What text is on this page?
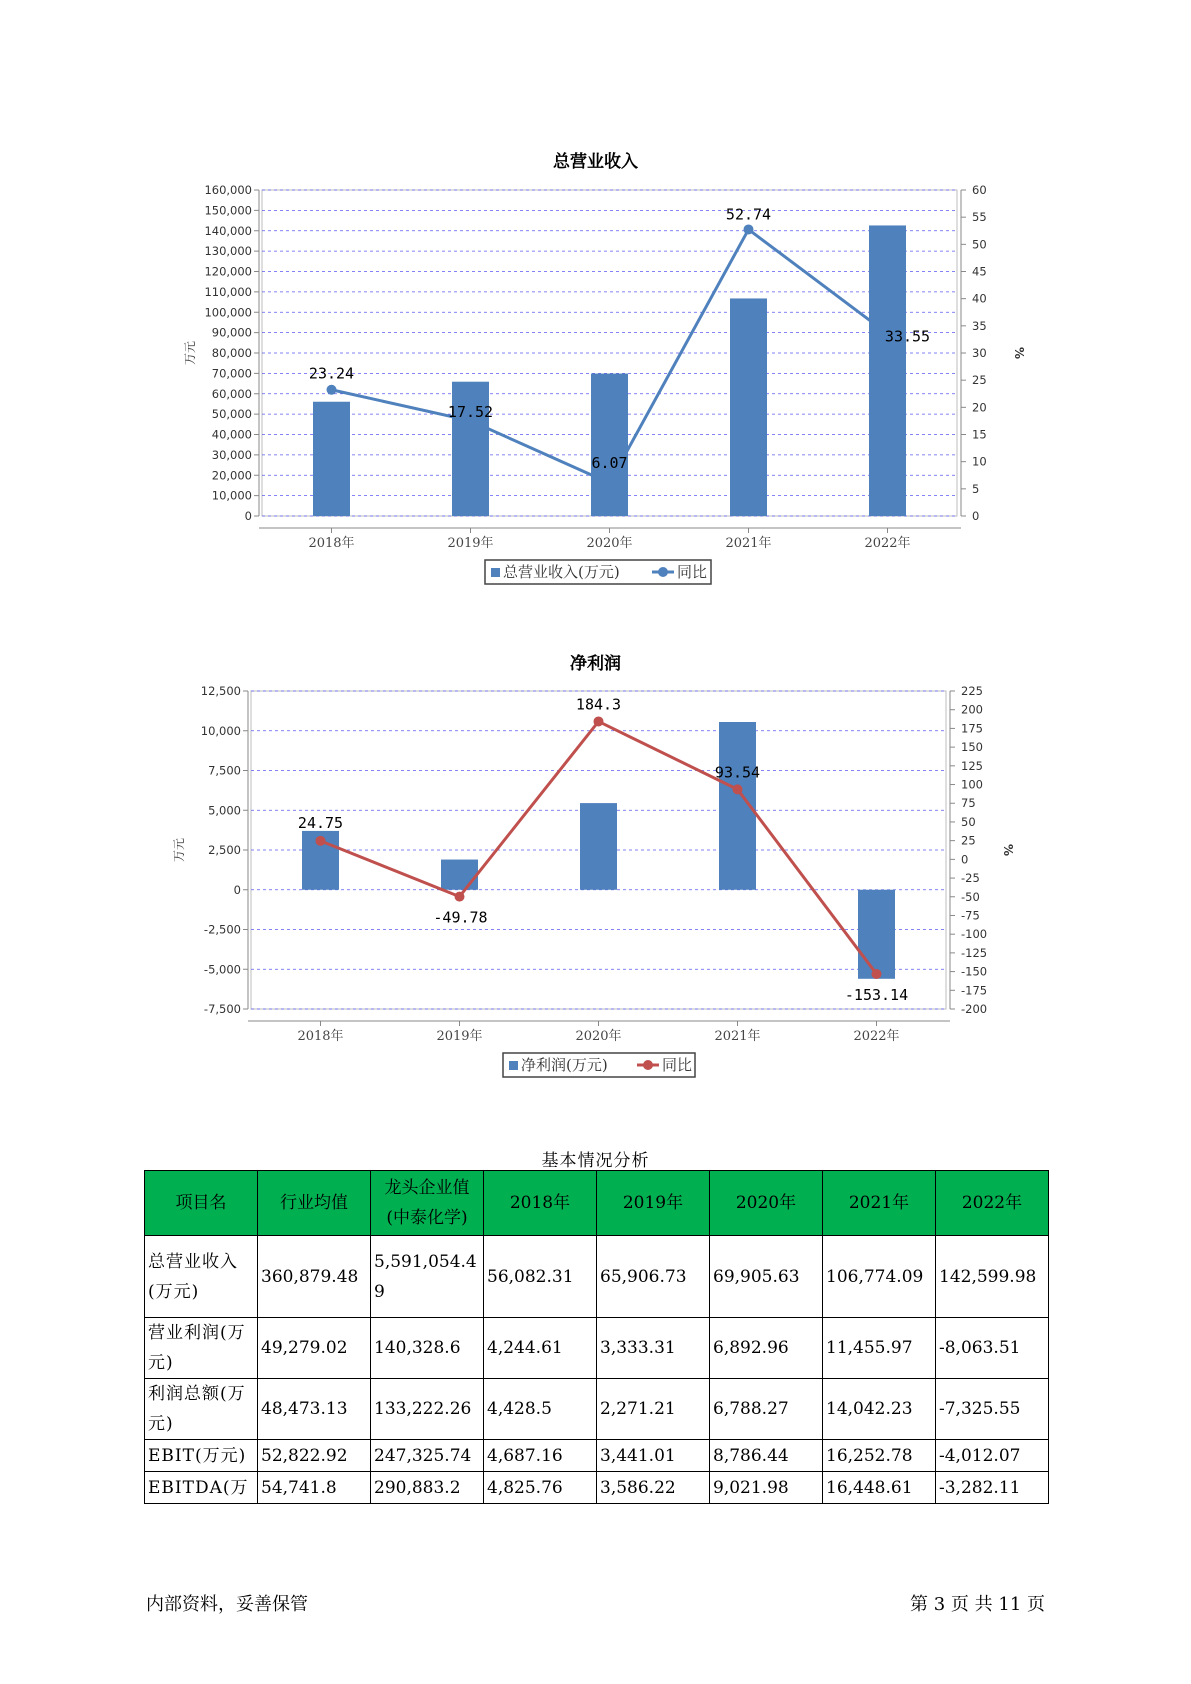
总营业收入
0
10,000
20,000
30,000
40,000
50,000
60,000
70,000
80,000
90,000
100,000
110,000
120,000
130,000
140,000
150,000
160,000
0
5
10
15
20
25
30
35
40
45
50
55
60
2018年	2019年	2020年	2021年	2022年
万元	%
23.24
17.52
6.07
52.74
33.55
总营业收入(万元)	同比
净利润
-7,500
-5,000
-2,500
0
2,500
5,000
7,500
10,000
12,500
-200
-175
-150
-125
-100
-75
-50
-25
0
25
50
75
100
125
150
175
200
225
2018年	2019年	2020年	2021年	2022年
万元	%
24.75
-49.78
184.3
93.54
-153.14
净利润(万元)	同比
基本情况分析
项目名	行业均值	龙头企业值(中泰化学)	2018年	2019年	2020年	2021年	2022年
总营业收入(万元)	360,879.48	5,591,054.49	56,082.31	65,906.73	69,905.63	106,774.09	142,599.98
营业利润(万元)	49,279.02	140,328.6	4,244.61	3,333.31	6,892.96	11,455.97	-8,063.51
利润总额(万元)	48,473.13	133,222.26	4,428.5	2,271.21	6,788.27	14,042.23	-7,325.55
EBIT(万元)	52,822.92	247,325.74	4,687.16	3,441.01	8,786.44	16,252.78	-4,012.07
EBITDA(万	54,741.8	290,883.2	4,825.76	3,586.22	9,021.98	16,448.61	-3,282.11
内部资料，妥善保管	第 3 页 共 11 页
